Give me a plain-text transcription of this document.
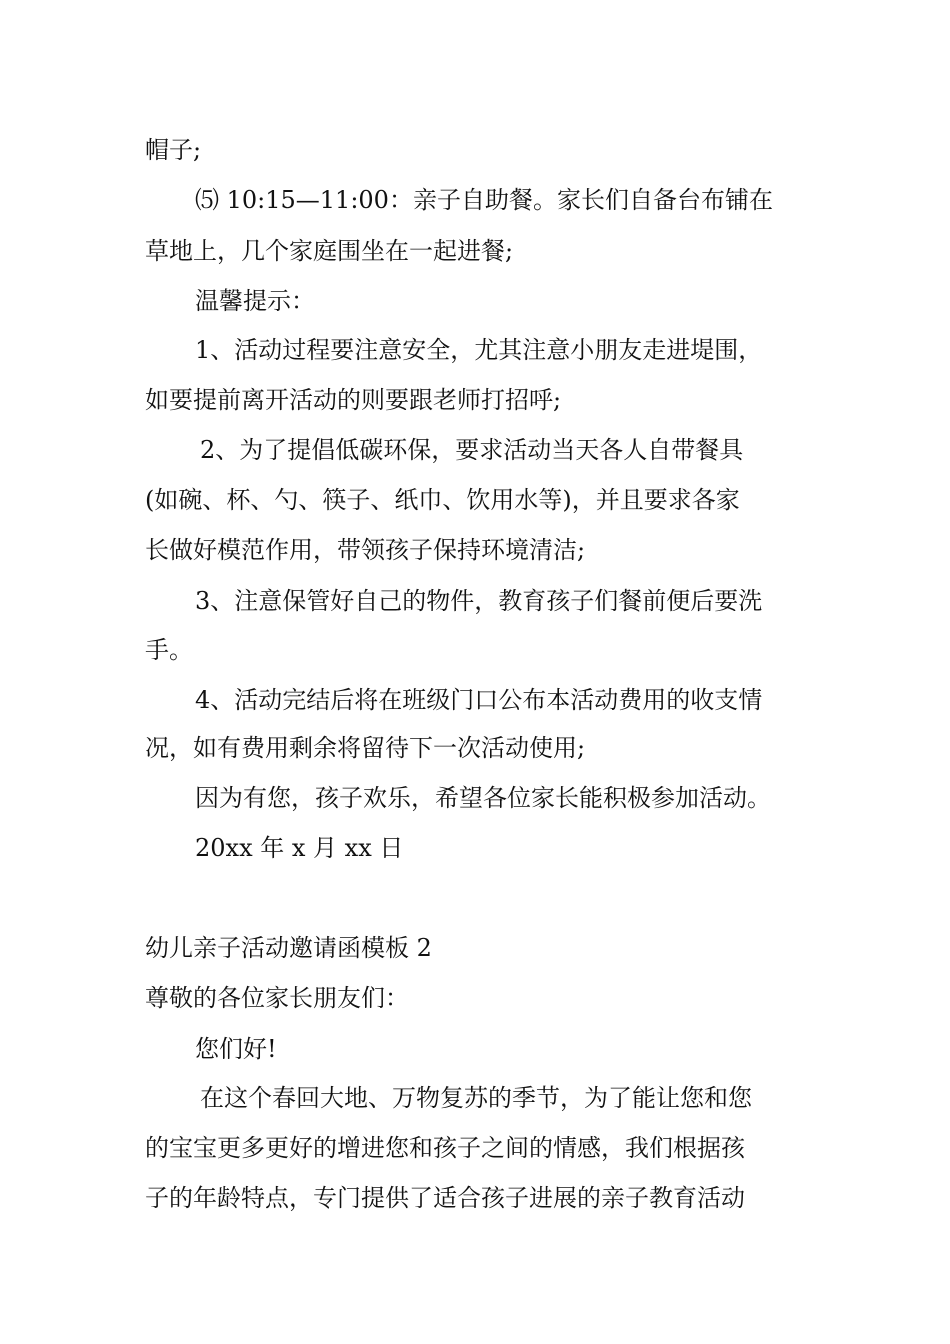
帽子;
⑸ 10:15—11:00：亲子自助餐。家长们自备台布铺在
草地上，几个家庭围坐在一起进餐;
温馨提示：
1、活动过程要注意安全，尤其注意小朋友走进堤围，
如要提前离开活动的则要跟老师打招呼;
2、为了提倡低碳环保，要求活动当天各人自带餐具
(如碗、杯、勺、筷子、纸巾、饮用水等)，并且要求各家
长做好模范作用，带领孩子保持环境清洁;
3、注意保管好自己的物件，教育孩子们餐前便后要洗
手。
4、活动完结后将在班级门口公布本活动费用的收支情
况，如有费用剩余将留待下一次活动使用;
因为有您，孩子欢乐，希望各位家长能积极参加活动。
20xx 年 x 月 xx 日
幼儿亲子活动邀请函模板 2
尊敬的各位家长朋友们：
您们好!
在这个春回大地、万物复苏的季节，为了能让您和您
的宝宝更多更好的增进您和孩子之间的情感，我们根据孩
子的年龄特点，专门提供了适合孩子进展的亲子教育活动
